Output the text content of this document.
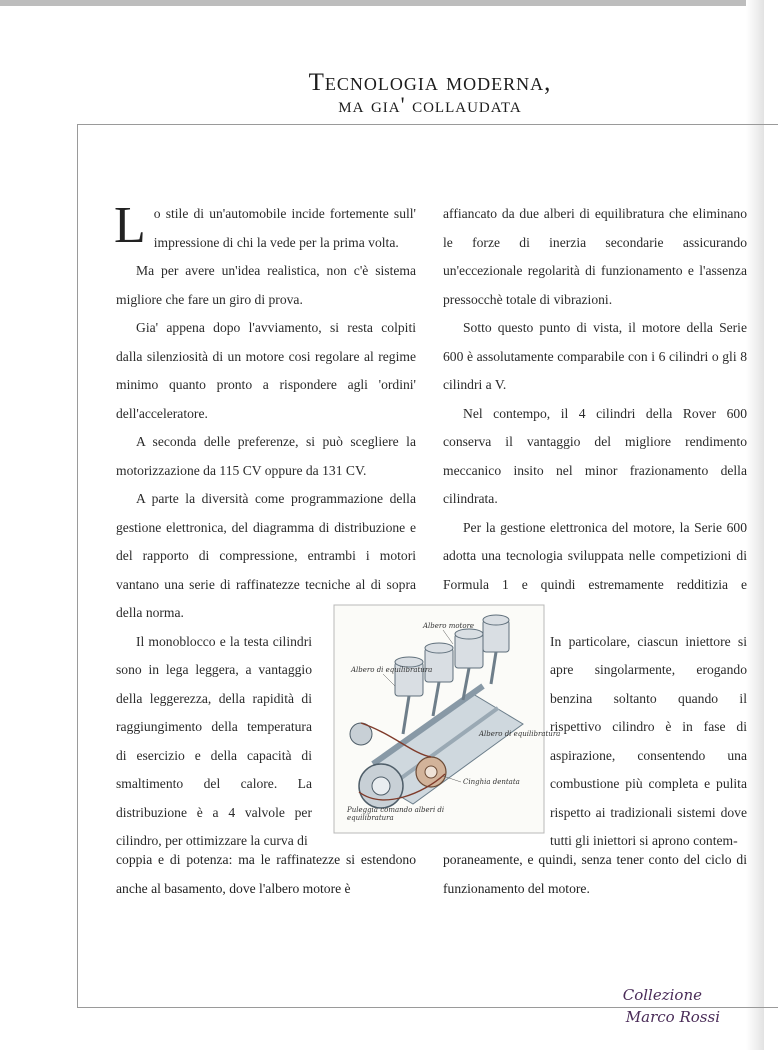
Tecnologia moderna,
ma gia' collaudata

Lo stile di un'automobile incide fortemente sull' impressione di chi la vede per la prima volta.

Ma per avere un'idea realistica, non c'è sistema migliore che fare un giro di prova.

Gia' appena dopo l'avviamento, si resta colpiti dalla silenziosità di un motore cosi regolare al regime minimo quanto pronto a rispondere agli 'ordini' dell'acceleratore.

A seconda delle preferenze, si può scegliere la motorizzazione da 115 CV oppure da 131 CV.

A parte la diversità come programmazione della gestione elettronica, del diagramma di distribuzione e del rapporto di compressione, entrambi i motori vantano una serie di raffinatezze tecniche al di sopra della norma.

Il monoblocco e la testa cilindri sono in lega leggera, a vantaggio della leggerezza, della rapidità di raggiungimento della temperatura di esercizio e della capacità di smaltimento del calore. La distribuzione è a 4 valvole per cilindro, per ottimizzare la curva di

affiancato da due alberi di equilibratura che eliminano le forze di inerzia secondarie assicurando un'eccezionale regolarità di funzionamento e l'assenza pressocchè totale di vibrazioni.

Sotto questo punto di vista, il motore della Serie 600 è assolutamente comparabile con i 6 cilindri o gli 8 cilindri a V.

Nel contempo, il 4 cilindri della Rover 600 conserva il vantaggio del migliore rendimento meccanico insito nel minor frazionamento della cilindrata.

Per la gestione elettronica del motore, la Serie 600 adotta una tecnologia sviluppata nelle competizioni di Formula 1 e quindi estremamente redditizia e

In particolare, ciascun iniettore si apre singolarmente, erogando benzina soltanto quando il rispettivo cilindro è in fase di aspirazione, consentendo una combustione più completa e pulita rispetto ai tradizionali sistemi dove tutti gli iniettori si aprono contem-

coppia e di potenza: ma le raffinatezze si estendono anche al basamento, dove l'albero motore è

poraneamente, e quindi, senza tener conto del ciclo di funzionamento del motore.

Albero motore
Albero di equilibratura
Albero di equilibratura
Cinghia dentata
Puleggia comando alberi di equilibratura
Collezione
Marco Rossi
